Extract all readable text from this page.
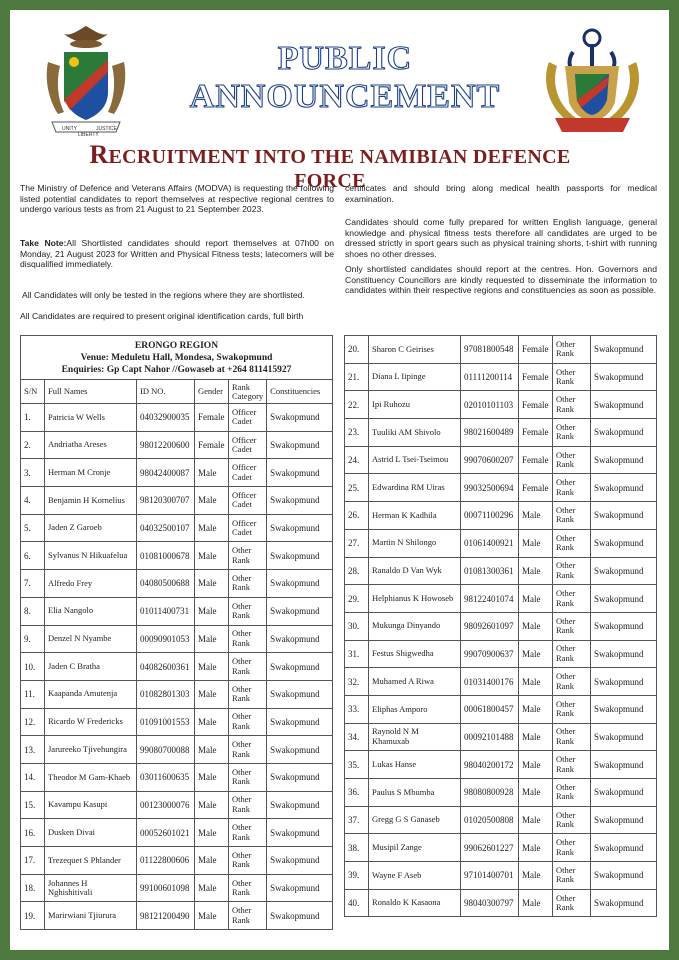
UNITY
LIBERTY
JUSTICE
PUBLIC ANNOUNCEMENT
RECRUITMENT INTO THE NAMIBIAN DEFENCE FORCE
The Ministry of Defence and Veterans Affairs (MODVA) is requesting the following listed potential candidates to report themselves at respective regional centres to undergo various tests as from 21 August to 21 September 2023.
Take Note:All Shortlisted candidates should report themselves at 07h00 on Monday, 21 August 2023 for Written and Physical Fitness tests; latecomers will be disqualified immediately.
All Candidates will only be tested in the regions where they are shortlisted.
All Candidates are required to present original identification cards, full birth
certificates and should bring along medical health passports for medical examination.
Candidates should come fully prepared for written English language, general knowledge and physical fitness tests therefore all candidates are urged to be dressed strictly in sport gears such as physical training shorts, t-shirt with running shoes no other dresses.
Only shortlisted candidates should report at the centres. Hon. Governors and Constituency Councillors are kindly requested to disseminate the information to candidates within their respective regions and constituencies as soon as possible.
ERONGO REGION
Venue: Meduletu Hall, Mondesa, Swakopmund
Enquiries: Gp Capt Nahor //Gowaseb at +264 811415927					

S/N	Full Names	ID NO.	Gender	Rank Category	Constituencies
1.	Patricia W Wells	04032900035	Female	Officer Cadet	Swakopmund
2.	Andriatha Areses	98012200600	Female	Officer Cadet	Swakopmund
3.	Herman M Cronje	98042400087	Male	Officer Cadet	Swakopmund
4.	Benjamin H Kornelius	98120300707	Male	Officer Cadet	Swakopmund
5.	Jaden Z Garoeb	04032500107	Male	Officer Cadet	Swakopmund
6.	Sylvanus N Hikuafeluа	01081000678	Male	Other Rank	Swakopmund
7.	Alfredo Frey	04080500688	Male	Other Rank	Swakopmund
8.	Elia Nangolo	01011400731	Male	Other Rank	Swakopmund
9.	Denzel N Nyambe	00090901053	Male	Other Rank	Swakopmund
10.	Jaden C Bratha	04082600361	Male	Other Rank	Swakopmund
11.	Kaapanda Amutenja	01082801303	Male	Other Rank	Swakopmund
12.	Ricardo W Fredericks	01091001553	Male	Other Rank	Swakopmund
13.	Jarureeko Tjivehungira	99080700088	Male	Other Rank	Swakopmund
14.	Theodor M Gam-Khaeb	03011600635	Male	Other Rank	Swakopmund
15.	Kavampu Kasupi	00123000076	Male	Other Rank	Swakopmund
16.	Dusken Divai	00052601021	Male	Other Rank	Swakopmund
17.	Trezequet S Phlander	01122800606	Male	Other Rank	Swakopmund
18.	Johannes H Nghishitivali	99100601098	Male	Other Rank	Swakopmund
19.	Marirwiani Tjiurura	98121200490	Male	Other Rank	Swakopmund
20.	Sharon C Geirises	97081800548	Female	Other Rank	Swakopmund
21.	Diana L Iipinge	01111200114	Female	Other Rank	Swakopmund
22.	Ipi Ruhozu	02010101103	Female	Other Rank	Swakopmund
23.	Tuuliki AM Shivolo	98021600489	Female	Other Rank	Swakopmund
24.	Astrid L Tsei-Tseimou	99070600207	Female	Other Rank	Swakopmund
25.	Edwardina RM Uiras	99032500694	Female	Other Rank	Swakopmund
26.	Herman K Kadhila	00071100296	Male	Other Rank	Swakopmund
27.	Martin N Shilongo	01061400921	Male	Other Rank	Swakopmund
28.	Ranaldo D Van Wyk	01081300361	Male	Other Rank	Swakopmund
29.	Helphianus K Howoseb	98122401074	Male	Other Rank	Swakopmund
30.	Mukunga Dinyando	98092601097	Male	Other Rank	Swakopmund
31.	Festus Shigwedha	99070900637	Male	Other Rank	Swakopmund
32.	Muhamed A Riwa	01031400176	Male	Other Rank	Swakopmund
33.	Eliphas Amporo	00061800457	Male	Other Rank	Swakopmund
34.	Raynold N M Khamuxab	00092101488	Male	Other Rank	Swakopmund
35.	Lukas Hanse	98040200172	Male	Other Rank	Swakopmund
36.	Paulus S Mbumba	98080800928	Male	Other Rank	Swakopmund
37.	Gregg G S Ganaseb	01020500808	Male	Other Rank	Swakopmund
38.	Musipil Zange	99062601227	Male	Other Rank	Swakopmund
39.	Wayne F Aseb	97101400701	Male	Other Rank	Swakopmund
40.	Ronaldo K Kasaona	98040300797	Male	Other Rank	Swakopmund
